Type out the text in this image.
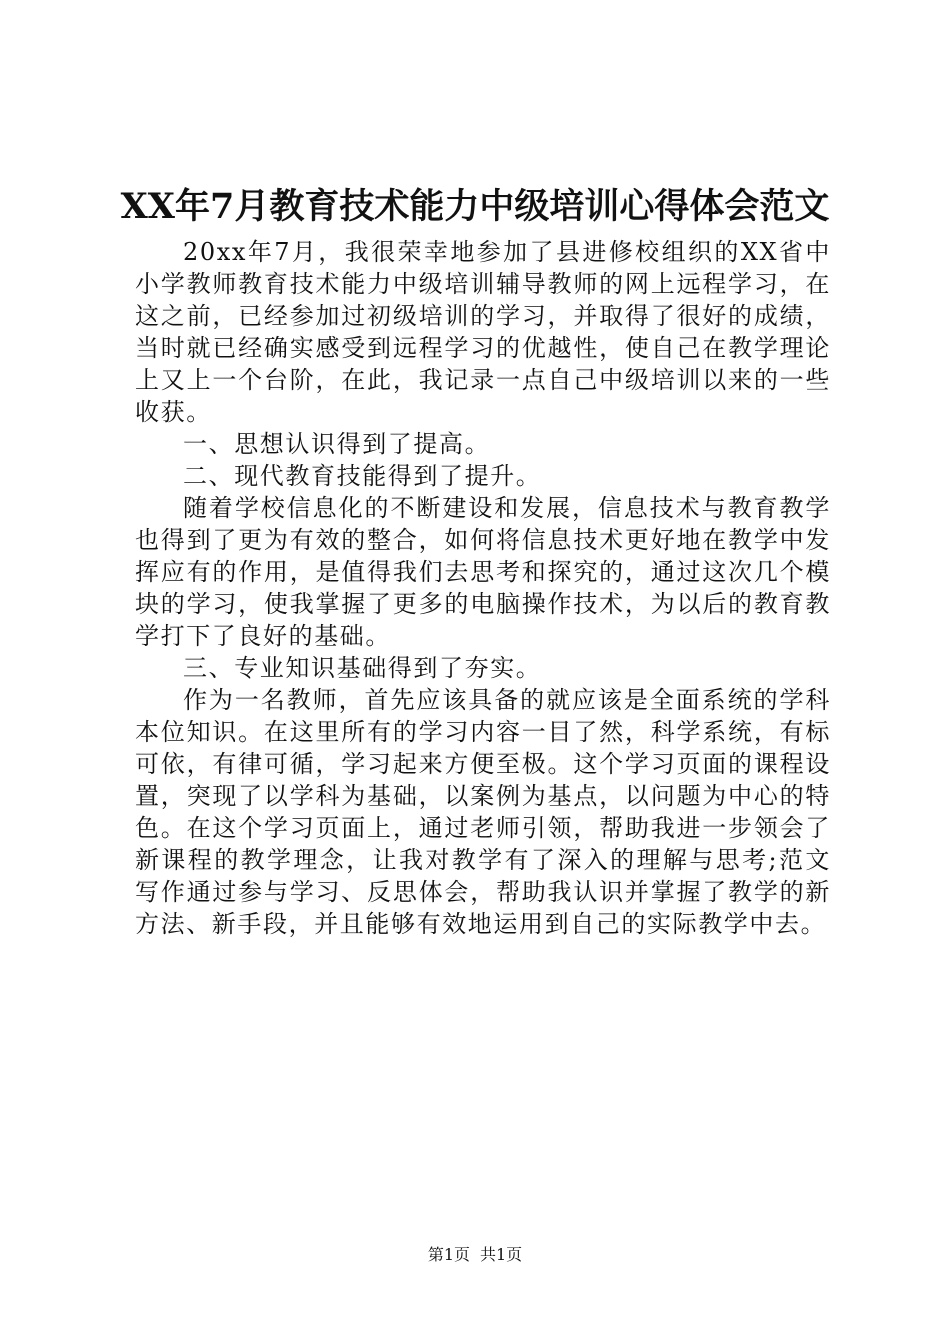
XX年7月教育技术能力中级培训心得体会范文

20xx年7月，我很荣幸地参加了县进修校组织的XX省中小学教师教育技术能力中级培训辅导教师的网上远程学习，在这之前，已经参加过初级培训的学习，并取得了很好的成绩，当时就已经确实感受到远程学习的优越性，使自己在教学理论上又上一个台阶，在此，我记录一点自己中级培训以来的一些收获。

一、思想认识得到了提高。

二、现代教育技能得到了提升。

随着学校信息化的不断建设和发展，信息技术与教育教学也得到了更为有效的整合，如何将信息技术更好地在教学中发挥应有的作用，是值得我们去思考和探究的，通过这次几个模块的学习，使我掌握了更多的电脑操作技术，为以后的教育教学打下了良好的基础。

三、专业知识基础得到了夯实。

作为一名教师，首先应该具备的就应该是全面系统的学科本位知识。在这里所有的学习内容一目了然，科学系统，有标可依，有律可循，学习起来方便至极。这个学习页面的课程设置，突现了以学科为基础，以案例为基点，以问题为中心的特色。在这个学习页面上，通过老师引领，帮助我进一步领会了新课程的教学理念，让我对教学有了深入的理解与思考;范文写作通过参与学习、反思体会，帮助我认识并掌握了教学的新方法、新手段，并且能够有效地运用到自己的实际教学中去。

第1页 共1页
